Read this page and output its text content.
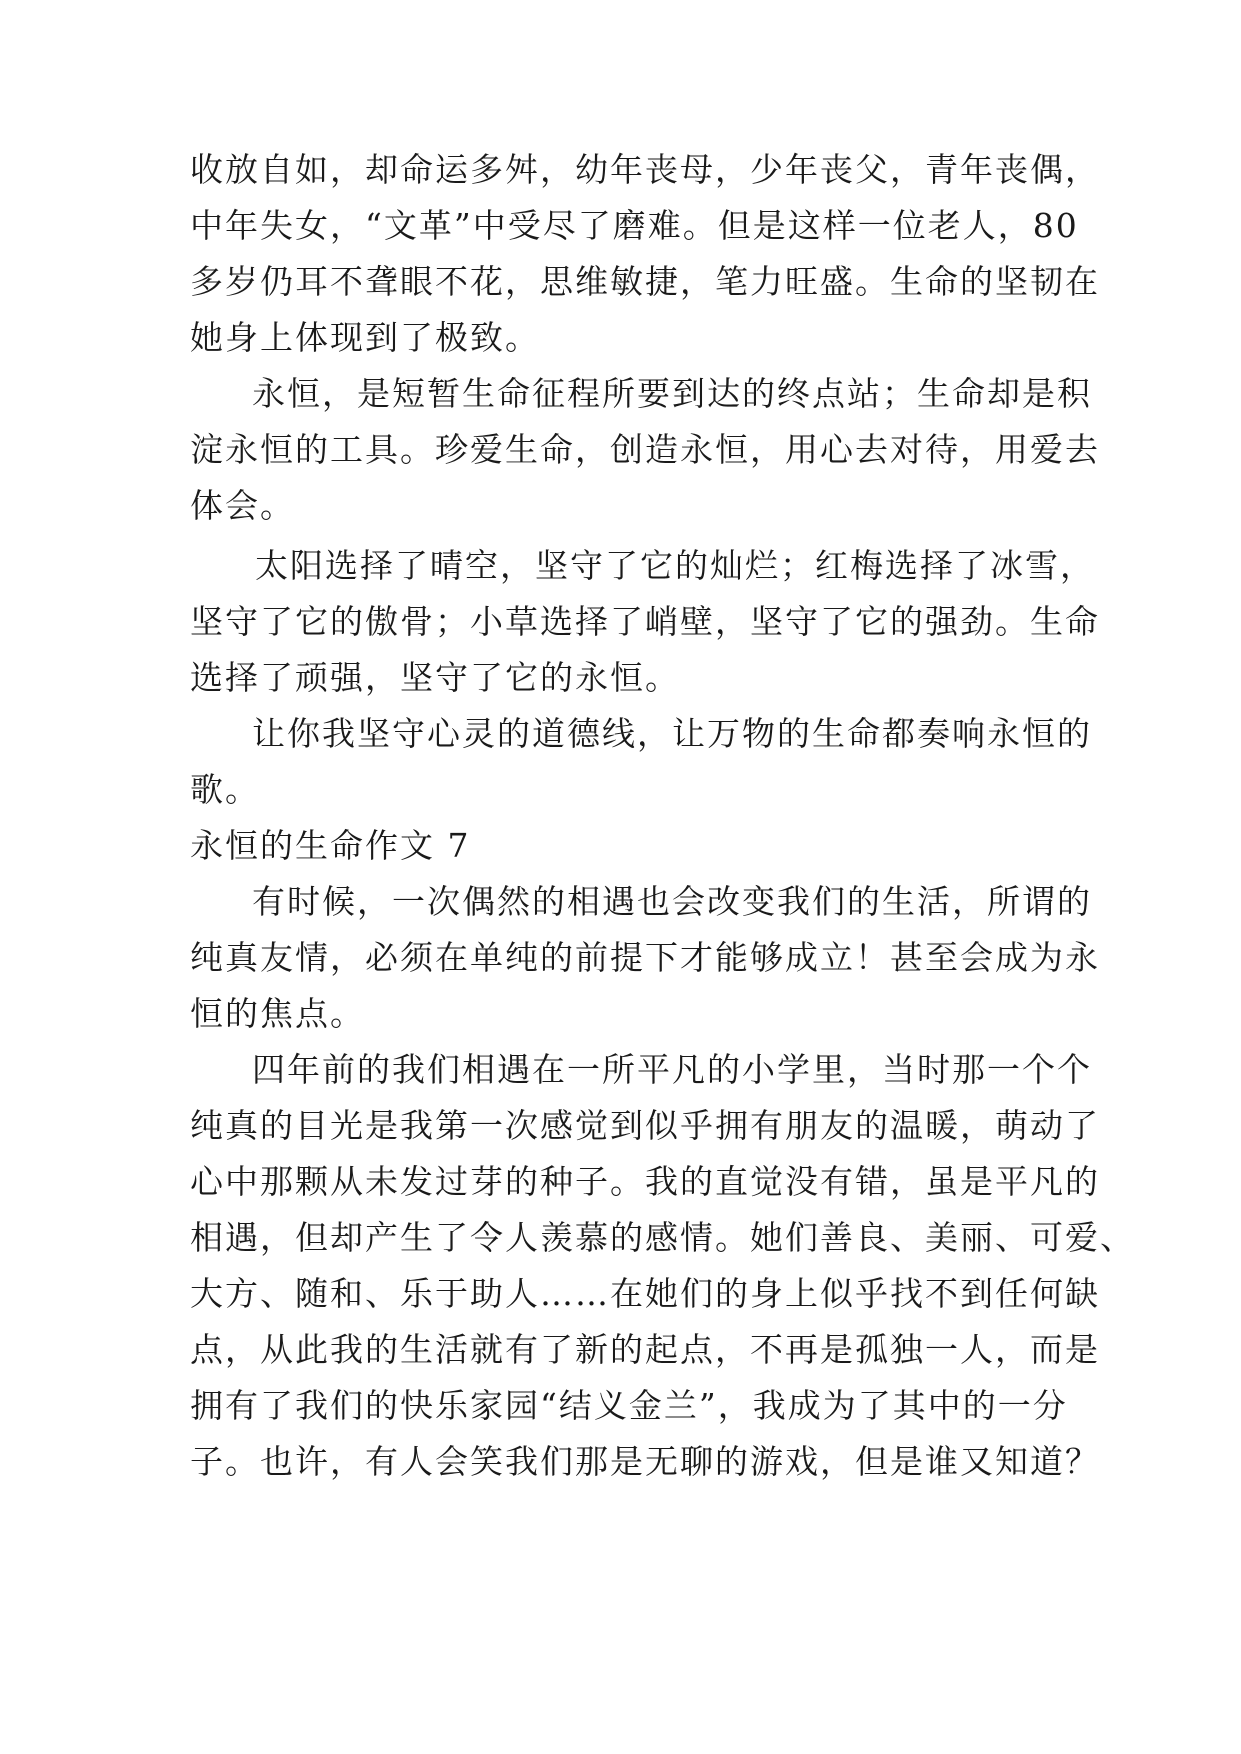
收放自如，却命运多舛，幼年丧母，少年丧父，青年丧偶，
中年失女，“文革”中受尽了磨难。但是这样一位老人，80
多岁仍耳不聋眼不花，思维敏捷，笔力旺盛。生命的坚韧在
她身上体现到了极致。
永恒，是短暂生命征程所要到达的终点站；生命却是积
淀永恒的工具。珍爱生命，创造永恒，用心去对待，用爱去
体会。
太阳选择了晴空，坚守了它的灿烂；红梅选择了冰雪，
坚守了它的傲骨；小草选择了峭壁，坚守了它的强劲。生命
选择了顽强，坚守了它的永恒。
让你我坚守心灵的道德线，让万物的生命都奏响永恒的
歌。
永恒的生命作文 7
有时候，一次偶然的相遇也会改变我们的生活，所谓的
纯真友情，必须在单纯的前提下才能够成立！甚至会成为永
恒的焦点。
四年前的我们相遇在一所平凡的小学里，当时那一个个
纯真的目光是我第一次感觉到似乎拥有朋友的温暖，萌动了
心中那颗从未发过芽的种子。我的直觉没有错，虽是平凡的
相遇，但却产生了令人羡慕的感情。她们善良、美丽、可爱、
大方、随和、乐于助人……在她们的身上似乎找不到任何缺
点，从此我的生活就有了新的起点，不再是孤独一人，而是
拥有了我们的快乐家园“结义金兰”，我成为了其中的一分
子。也许，有人会笑我们那是无聊的游戏，但是谁又知道？
